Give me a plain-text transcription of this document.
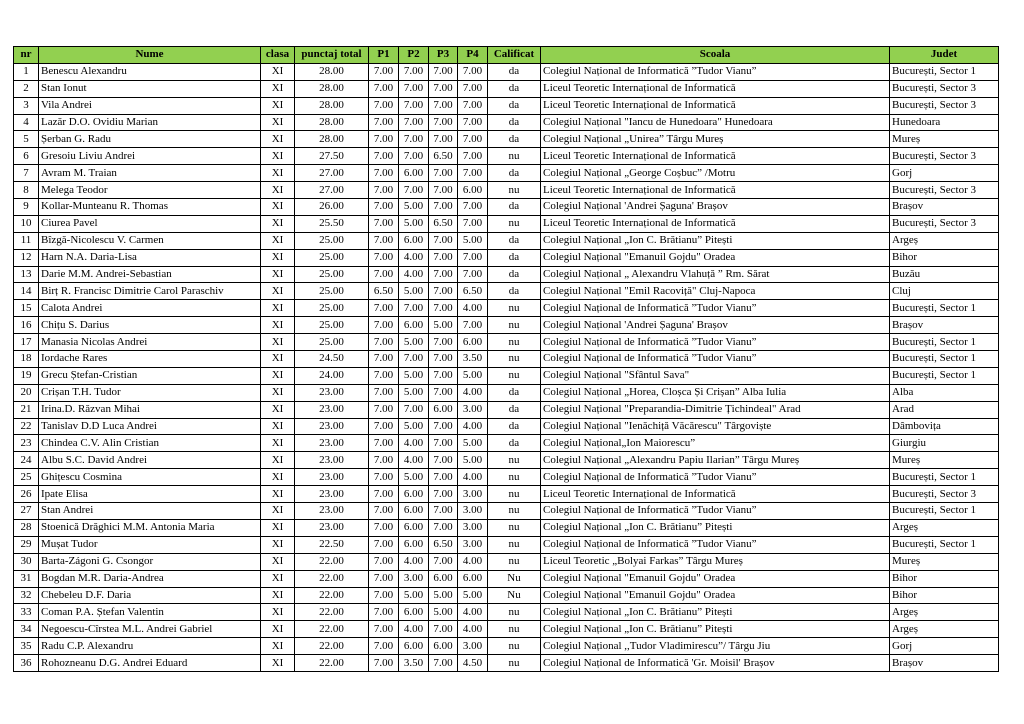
nr	Nume	clasa	punctaj total	P1	P2	P3	P4	Calificat	Scoala	Judet
1	Benescu Alexandru	XI	28.00	7.00	7.00	7.00	7.00	da	Colegiul Național de Informatică ”Tudor Vianu”	București, Sector 1
2	Stan Ionut	XI	28.00	7.00	7.00	7.00	7.00	da	Liceul Teoretic Internațional de Informatică	București, Sector 3
3	Vila Andrei	XI	28.00	7.00	7.00	7.00	7.00	da	Liceul Teoretic Internațional de Informatică	București, Sector 3
4	Lazăr D.O. Ovidiu Marian	XI	28.00	7.00	7.00	7.00	7.00	da	Colegiul Național "Iancu de Hunedoara" Hunedoara	Hunedoara
5	Șerban G. Radu	XI	28.00	7.00	7.00	7.00	7.00	da	Colegiul Național „Unirea” Târgu Mureș	Mureș
6	Gresoiu Liviu Andrei	XI	27.50	7.00	7.00	6.50	7.00	nu	Liceul Teoretic Internațional de Informatică	București, Sector 3
7	Avram M. Traian	XI	27.00	7.00	6.00	7.00	7.00	da	Colegiul Național „George Coșbuc” /Motru	Gorj
8	Melega Teodor	XI	27.00	7.00	7.00	7.00	6.00	nu	Liceul Teoretic Internațional de Informatică	București, Sector 3
9	Kollar-Munteanu R. Thomas	XI	26.00	7.00	5.00	7.00	7.00	da	Colegiul Național 'Andrei Șaguna' Brașov	Brașov
10	Ciurea Pavel	XI	25.50	7.00	5.00	6.50	7.00	nu	Liceul Teoretic Internațional de Informatică	București, Sector 3
11	Bîzgă-Nicolescu V. Carmen	XI	25.00	7.00	6.00	7.00	5.00	da	Colegiul Național „Ion C. Brătianu” Pitești	Argeș
12	Harn N.A. Daria-Lisa	XI	25.00	7.00	4.00	7.00	7.00	da	Colegiul Național "Emanuil Gojdu" Oradea	Bihor
13	Darie M.M. Andrei-Sebastian	XI	25.00	7.00	4.00	7.00	7.00	da	Colegiul Național „ Alexandru Vlahuță ” Rm. Sărat	Buzău
14	Birț R. Francisc Dimitrie Carol Paraschiv	XI	25.00	6.50	5.00	7.00	6.50	da	Colegiul Național "Emil Racoviță" Cluj-Napoca	Cluj
15	Calota Andrei	XI	25.00	7.00	7.00	7.00	4.00	nu	Colegiul Național de Informatică ”Tudor Vianu”	București, Sector 1
16	Chițu S. Darius	XI	25.00	7.00	6.00	5.00	7.00	nu	Colegiul Național 'Andrei Șaguna' Brașov	Brașov
17	Manasia Nicolas Andrei	XI	25.00	7.00	5.00	7.00	6.00	nu	Colegiul Național de Informatică ”Tudor Vianu”	București, Sector 1
18	Iordache Rares	XI	24.50	7.00	7.00	7.00	3.50	nu	Colegiul Național de Informatică ”Tudor Vianu”	București, Sector 1
19	Grecu Ștefan-Cristian	XI	24.00	7.00	5.00	7.00	5.00	nu	Colegiul Național "Sfântul Sava"	București, Sector 1
20	Crișan T.H. Tudor	XI	23.00	7.00	5.00	7.00	4.00	da	Colegiul Național „Horea, Cloșca Și Crișan” Alba Iulia	Alba
21	Irina.D. Răzvan Mihai	XI	23.00	7.00	7.00	6.00	3.00	da	Colegiul Național "Preparandia-Dimitrie Țichindeal" Arad	Arad
22	Tanislav D.D Luca Andrei	XI	23.00	7.00	5.00	7.00	4.00	da	Colegiul Național "Ienăchiță Văcărescu" Târgoviște	Dâmbovița
23	Chindea C.V. Alin Cristian	XI	23.00	7.00	4.00	7.00	5.00	da	Colegiul Național„Ion Maiorescu”	Giurgiu
24	Albu S.C. David Andrei	XI	23.00	7.00	4.00	7.00	5.00	nu	Colegiul Național „Alexandru Papiu Ilarian” Târgu Mureș	Mureș
25	Ghițescu Cosmina	XI	23.00	7.00	5.00	7.00	4.00	nu	Colegiul Național de Informatică ”Tudor Vianu”	București, Sector 1
26	Ipate Elisa	XI	23.00	7.00	6.00	7.00	3.00	nu	Liceul Teoretic Internațional de Informatică	București, Sector 3
27	Stan Andrei	XI	23.00	7.00	6.00	7.00	3.00	nu	Colegiul Național de Informatică ”Tudor Vianu”	București, Sector 1
28	Stoenică Drăghici M.M. Antonia Maria	XI	23.00	7.00	6.00	7.00	3.00	nu	Colegiul Național „Ion C. Brătianu” Pitești	Argeș
29	Mușat Tudor	XI	22.50	7.00	6.00	6.50	3.00	nu	Colegiul Național de Informatică ”Tudor Vianu”	București, Sector 1
30	Barta-Zágoni G. Csongor	XI	22.00	7.00	4.00	7.00	4.00	nu	Liceul Teoretic „Bolyai Farkas” Târgu Mureș	Mureș
31	Bogdan M.R. Daria-Andrea	XI	22.00	7.00	3.00	6.00	6.00	Nu	Colegiul Național "Emanuil Gojdu" Oradea	Bihor
32	Chebeleu D.F. Daria	XI	22.00	7.00	5.00	5.00	5.00	Nu	Colegiul Național "Emanuil Gojdu" Oradea	Bihor
33	Coman P.A. Ștefan Valentin	XI	22.00	7.00	6.00	5.00	4.00	nu	Colegiul Național „Ion C. Brătianu” Pitești	Argeș
34	Negoescu-Cîrstea M.L. Andrei Gabriel	XI	22.00	7.00	4.00	7.00	4.00	nu	Colegiul Național „Ion C. Brătianu” Pitești	Argeș
35	Radu C.P. Alexandru	XI	22.00	7.00	6.00	6.00	3.00	nu	Colegiul Național ,,Tudor Vladimirescu”/ Târgu Jiu	Gorj
36	Rohozneanu D.G. Andrei Eduard	XI	22.00	7.00	3.50	7.00	4.50	nu	Colegiul Național de Informatică 'Gr. Moisil' Brașov	Brașov
